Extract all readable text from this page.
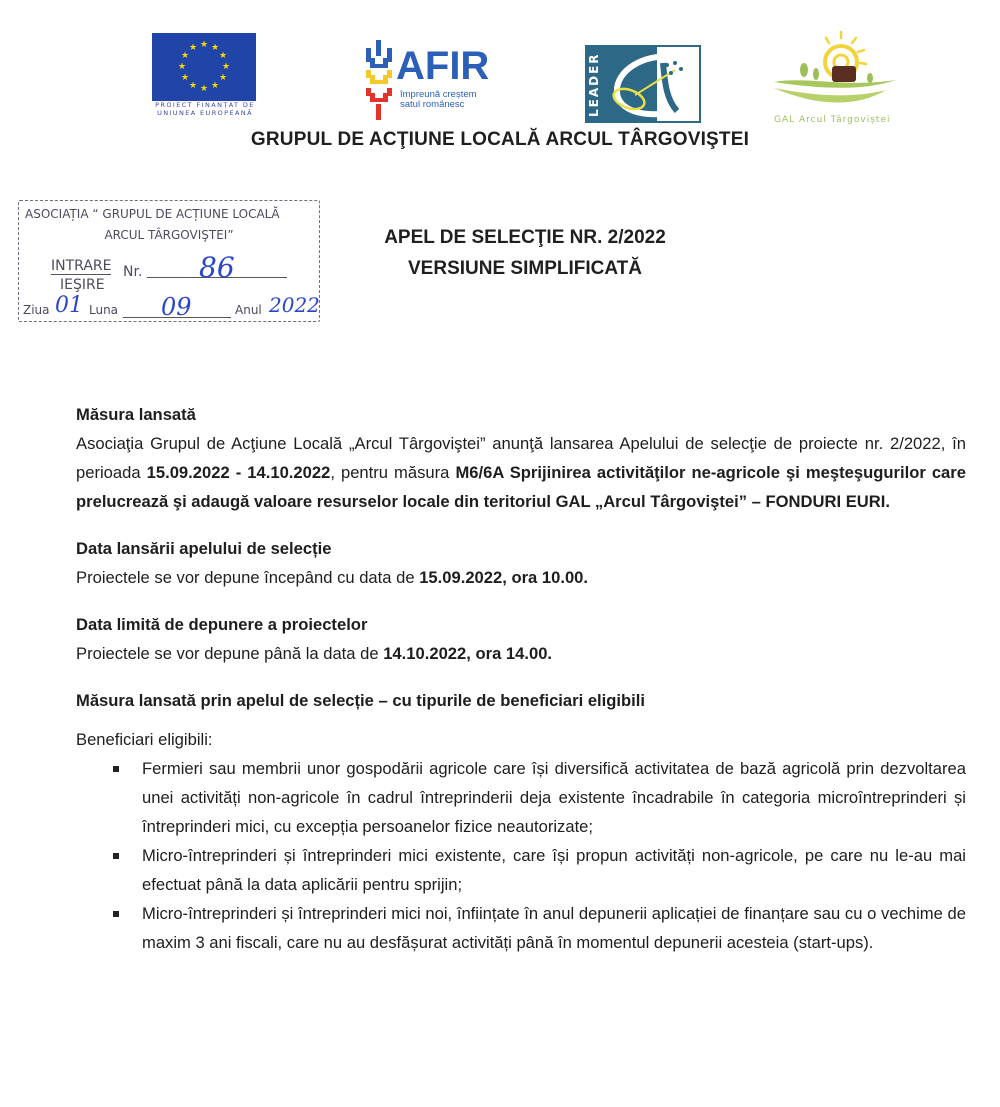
★ ★
★
★
★
★
★
★
★
★
★
★
PROIECT FINANȚAT DE
UNIUNEA EUROPEANĂ
AFIR
împreună creștem
satul românesc	LEADER
GAL Arcul Târgoviștei
GRUPUL DE ACŢIUNE LOCALĂ ARCUL TÂRGOVIŞTEI
ASOCIAȚIA “ GRUPUL DE ACȚIUNE LOCALĂ
ARCUL TÂRGOVIŞTEI”
INTRARE
IEŞIRE
Nr. 86
Ziua 01 Luna 09	Anul 2022
APEL DE SELECŢIE NR. 2/2022
VERSIUNE SIMPLIFICATĂ
Măsura lansată
Asociaţia Grupul de Acţiune Locală „Arcul Târgoviştei” anunţă lansarea Apelului de selecţie de proiecte nr. 2/2022, în perioada 15.09.2022 - 14.10.2022, pentru măsura M6/6A Sprijinirea activităţilor ne-agricole şi meşteşugurilor care prelucrează şi adaugă valoare resurselor locale din teritoriul GAL „Arcul Târgoviştei” – FONDURI EURI.
Data lansării apelului de selecție
Proiectele se vor depune începând cu data de 15.09.2022, ora 10.00.
Data limită de depunere a proiectelor
Proiectele se vor depune până la data de 14.10.2022, ora 14.00.
Măsura lansată prin apelul de selecție – cu tipurile de beneficiari eligibili
Beneficiari eligibili:
Fermieri sau membrii unor gospodării agricole care își diversifică activitatea de bază agricolă prin dezvoltarea unei activități non-agricole în cadrul întreprinderii deja existente încadrabile în categoria microîntreprinderi și întreprinderi mici, cu excepția persoanelor fizice neautorizate;
Micro-întreprinderi și întreprinderi mici existente, care își propun activități non-agricole, pe care nu le-au mai efectuat până la data aplicării pentru sprijin;
Micro-întreprinderi și întreprinderi mici noi, înființate în anul depunerii aplicației de finanțare sau cu o vechime de maxim 3 ani fiscali, care nu au desfășurat activități până în momentul depunerii acesteia (start-ups).
